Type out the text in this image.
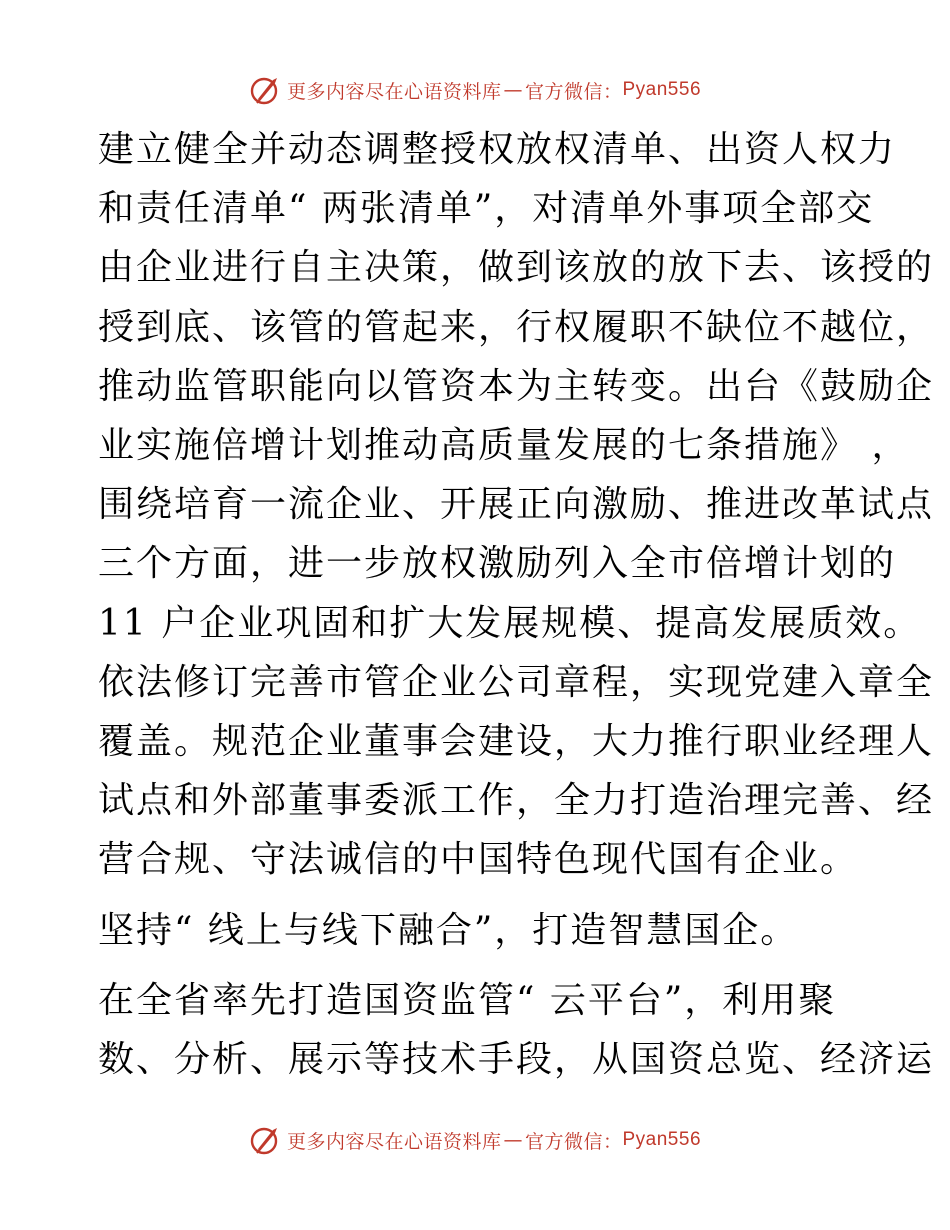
更多内容尽在心语资料库 — 官方微信： Pyan556

建立健全并动态调整授权放权清单、出资人权力
和责任清单“ 两张清单”，对清单外事项全部交
由企业进行自主决策，做到该放的放下去、该授的
授到底、该管的管起来，行权履职不缺位不越位，
推动监管职能向以管资本为主转变。出台《鼓励企
业实施倍增计划推动高质量发展的七条措施》 ，
围绕培育一流企业、开展正向激励、推进改革试点
三个方面，进一步放权激励列入全市倍增计划的
11 户企业巩固和扩大发展规模、提高发展质效。
依法修订完善市管企业公司章程，实现党建入章全
覆盖。规范企业董事会建设，大力推行职业经理人
试点和外部董事委派工作，全力打造治理完善、经
营合规、守法诚信的中国特色现代国有企业。

坚持“ 线上与线下融合”，打造智慧国企。

在全省率先打造国资监管“ 云平台”，利用聚
数、分析、展示等技术手段，从国资总览、经济运

更多内容尽在心语资料库 — 官方微信： Pyan556
